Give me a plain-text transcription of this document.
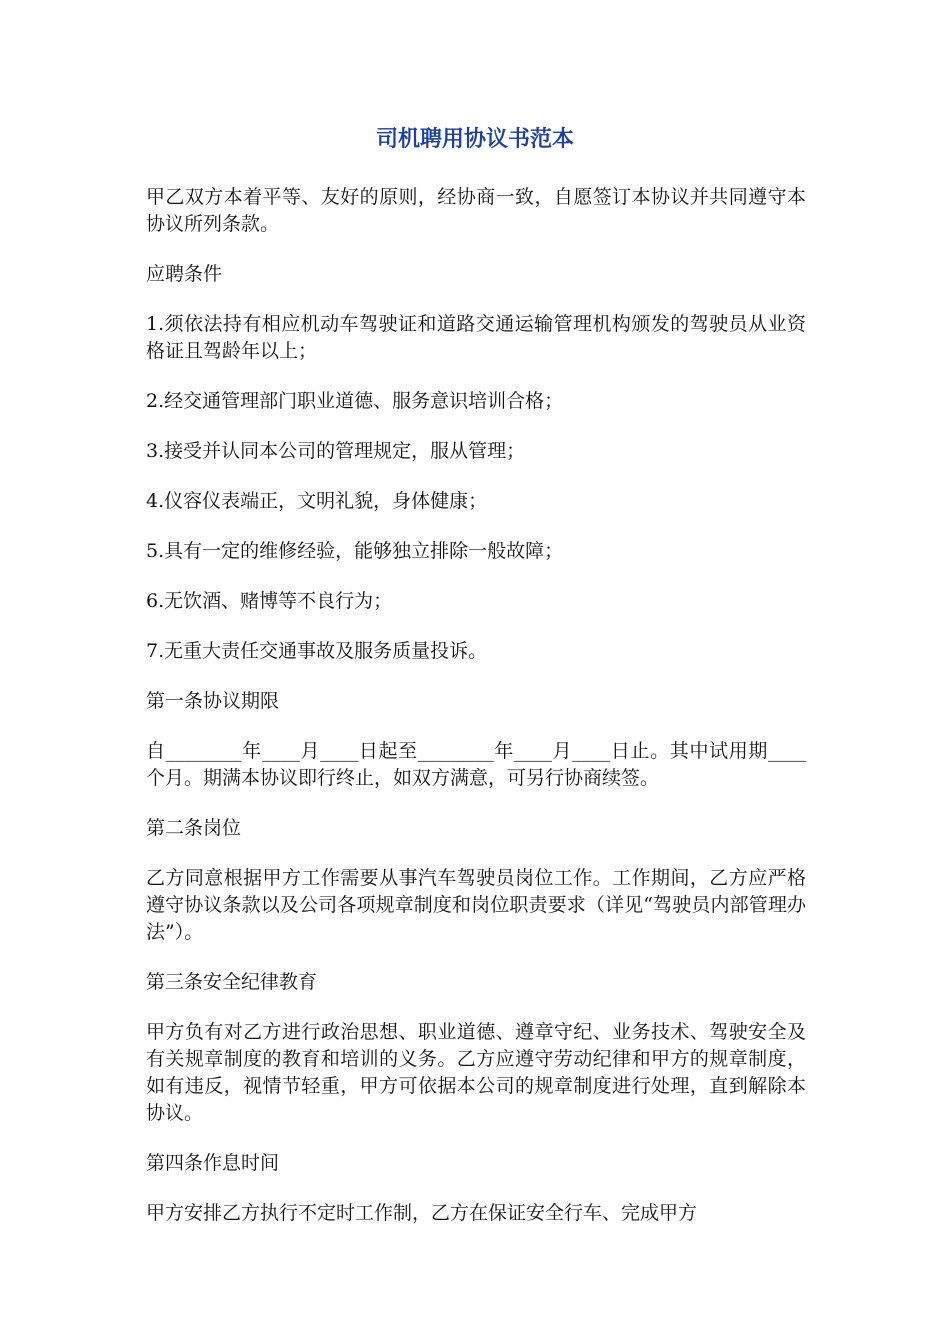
司机聘用协议书范本

甲乙双方本着平等、友好的原则，经协商一致，自愿签订本协议并共同遵守本协议所列条款。

应聘条件

1.须依法持有相应机动车驾驶证和道路交通运输管理机构颁发的驾驶员从业资格证且驾龄年以上；

2.经交通管理部门职业道德、服务意识培训合格；

3.接受并认同本公司的管理规定，服从管理；

4.仪容仪表端正，文明礼貌，身体健康；

5.具有一定的维修经验，能够独立排除一般故障；

6.无饮酒、赌博等不良行为；

7.无重大责任交通事故及服务质量投诉。

第一条协议期限

自________年____月____日起至________年____月____日止。其中试用期____个月。期满本协议即行终止，如双方满意，可另行协商续签。

第二条岗位

乙方同意根据甲方工作需要从事汽车驾驶员岗位工作。工作期间，乙方应严格遵守协议条款以及公司各项规章制度和岗位职责要求（详见“驾驶员内部管理办法”）。

第三条安全纪律教育

甲方负有对乙方进行政治思想、职业道德、遵章守纪、业务技术、驾驶安全及有关规章制度的教育和培训的义务。乙方应遵守劳动纪律和甲方的规章制度，如有违反，视情节轻重，甲方可依据本公司的规章制度进行处理，直到解除本协议。

第四条作息时间

甲方安排乙方执行不定时工作制，乙方在保证安全行车、完成甲方
